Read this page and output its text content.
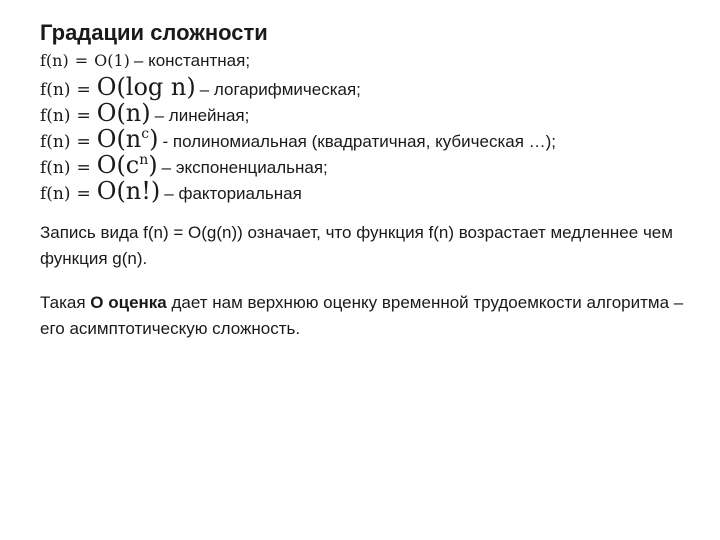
Градации сложности
f(n) = O(1) – константная;
f(n) = O(log n) – логарифмическая;
f(n) = O(n) – линейная;
$f(n) = O(n^c)$ - полиномиальная (квадратичная, кубическая …);
$f(n) = O(c^n)$ – экспоненциальная;
f(n) = O(n!) – факториальная
Запись вида f(n) = O(g(n)) означает, что функция f(n) возрастает медленнее чем функция g(n).
Такая O оценка дает нам верхнюю оценку временной трудоемкости алгоритма – его асимптотическую сложность.
